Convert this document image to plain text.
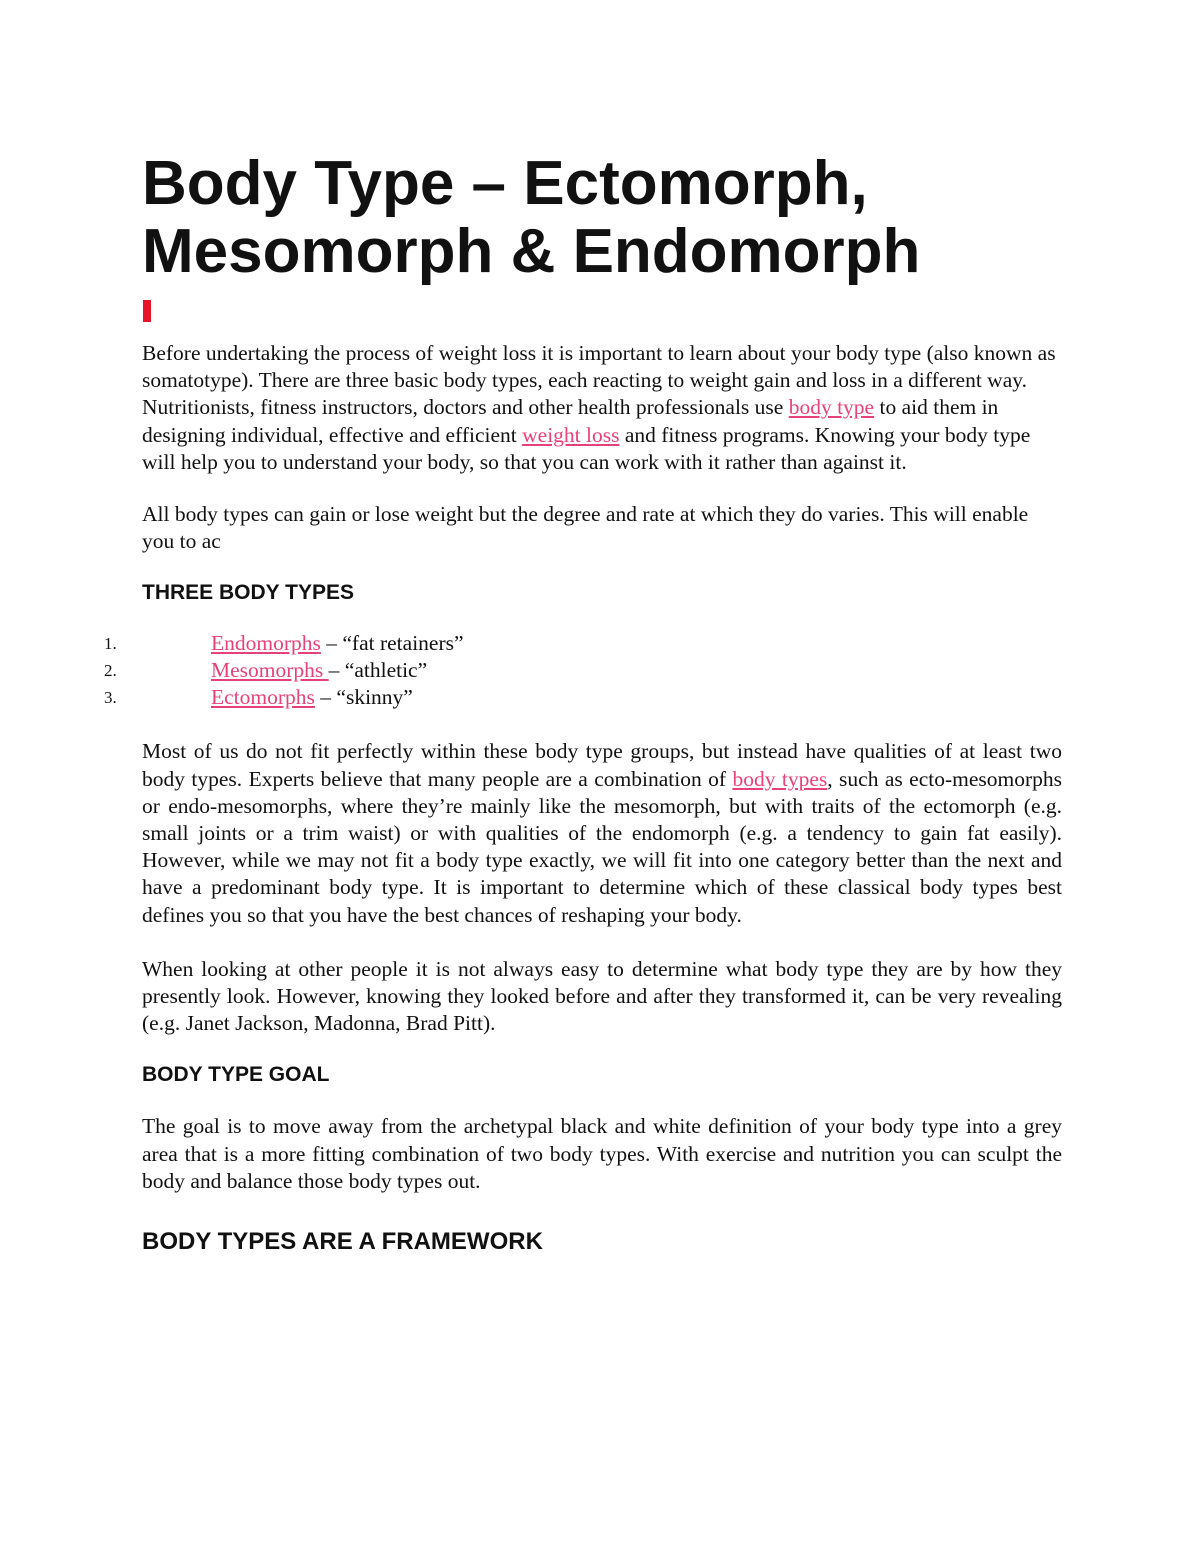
Body Type – Ectomorph,
Mesomorph & Endomorph

Before undertaking the process of weight loss it is important to learn about your body type (also known as somatotype). There are three basic body types, each reacting to weight gain and loss in a different way. Nutritionists, fitness instructors, doctors and other health professionals use body type to aid them in designing individual, effective and efficient weight loss and fitness programs. Knowing your body type will help you to understand your body, so that you can work with it rather than against it.

All body types can gain or lose weight but the degree and rate at which they do varies. This will enable you to ac

THREE BODY TYPES
1.	Endomorphs – “fat retainers”
2.	Mesomorphs – “athletic”
3.	Ectomorphs – “skinny”

Most of us do not fit perfectly within these body type groups, but instead have qualities of at least two body types. Experts believe that many people are a combination of body types, such as ecto-mesomorphs or endo-mesomorphs, where they’re mainly like the mesomorph, but with traits of the ectomorph (e.g. small joints or a trim waist) or with qualities of the endomorph (e.g. a tendency to gain fat easily). However, while we may not fit a body type exactly, we will fit into one category better than the next and have a predominant body type. It is important to determine which of these classical body types best defines you so that you have the best chances of reshaping your body.

When looking at other people it is not always easy to determine what body type they are by how they presently look. However, knowing they looked before and after they transformed it, can be very revealing (e.g. Janet Jackson, Madonna, Brad Pitt).

BODY TYPE GOAL

The goal is to move away from the archetypal black and white definition of your body type into a grey area that is a more fitting combination of two body types. With exercise and nutrition you can sculpt the body and balance those body types out.

BODY TYPES ARE A FRAMEWORK
